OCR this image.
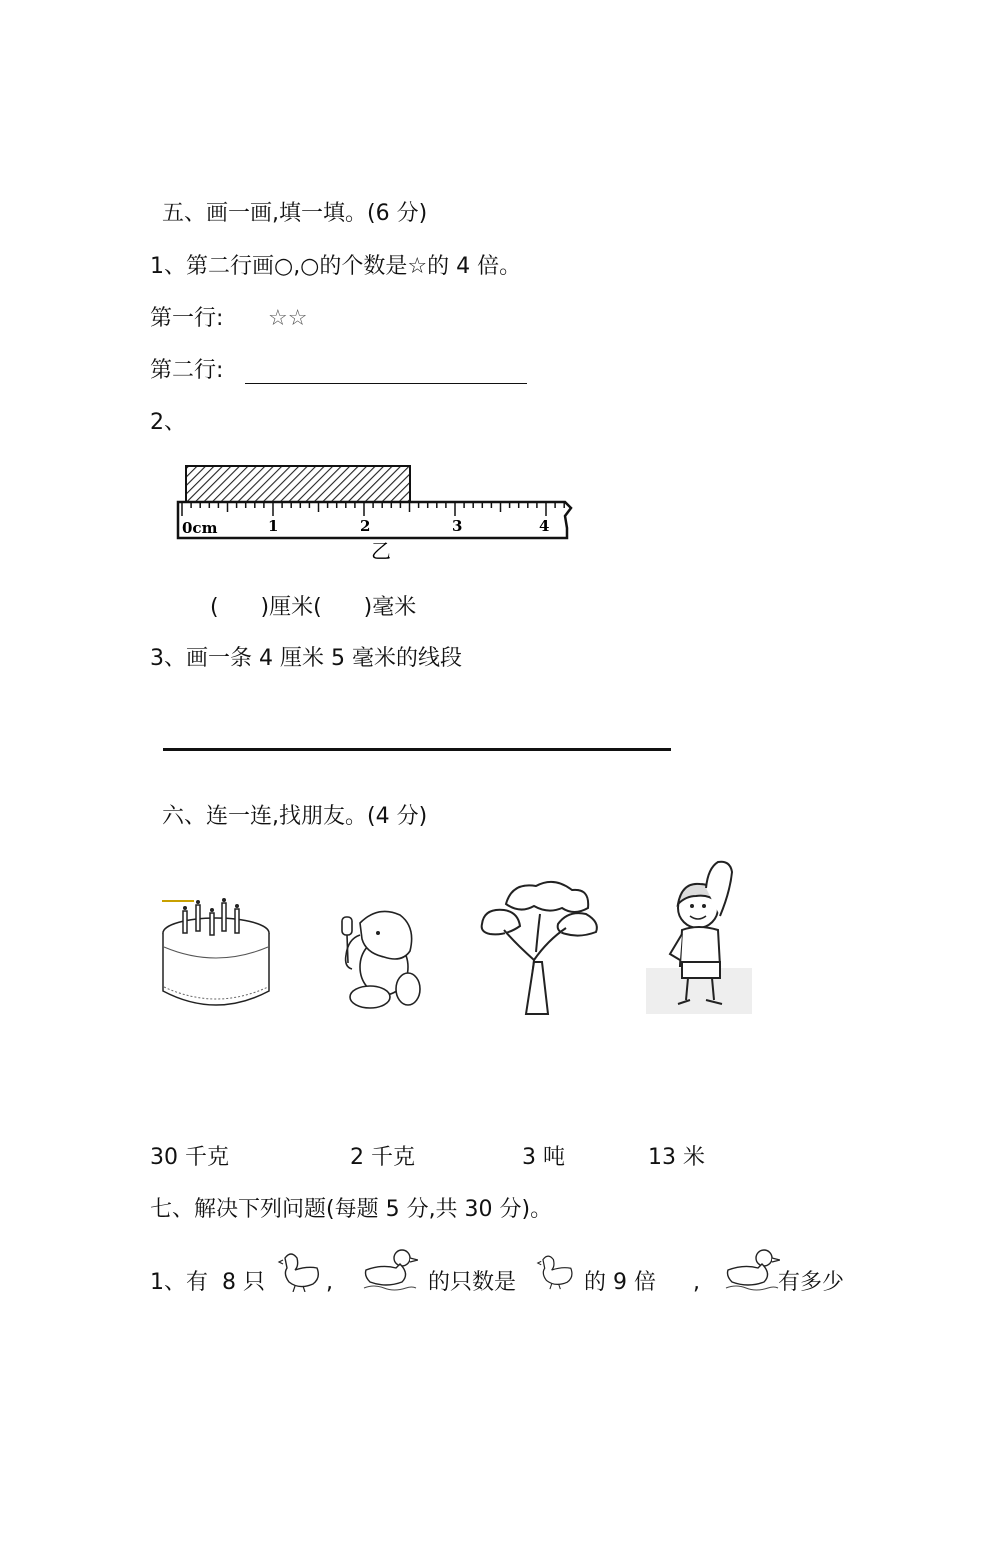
五、画一画,填一填。(6 分)
1、第二行画○,○的个数是☆的 4 倍。
第一行: ☆☆
第二行:
2、
0cm	1	2	3	4
乙
(      )厘米(      )毫米
3、画一条 4 厘米 5 毫米的线段
六、连一连,找朋友。(4 分)
30 千克	2 千克	3 吨	13 米
七、解决下列问题(每题 5 分,共 30 分)。
1、有  8 只	,	的只数是	的 9 倍 ,	有多少
